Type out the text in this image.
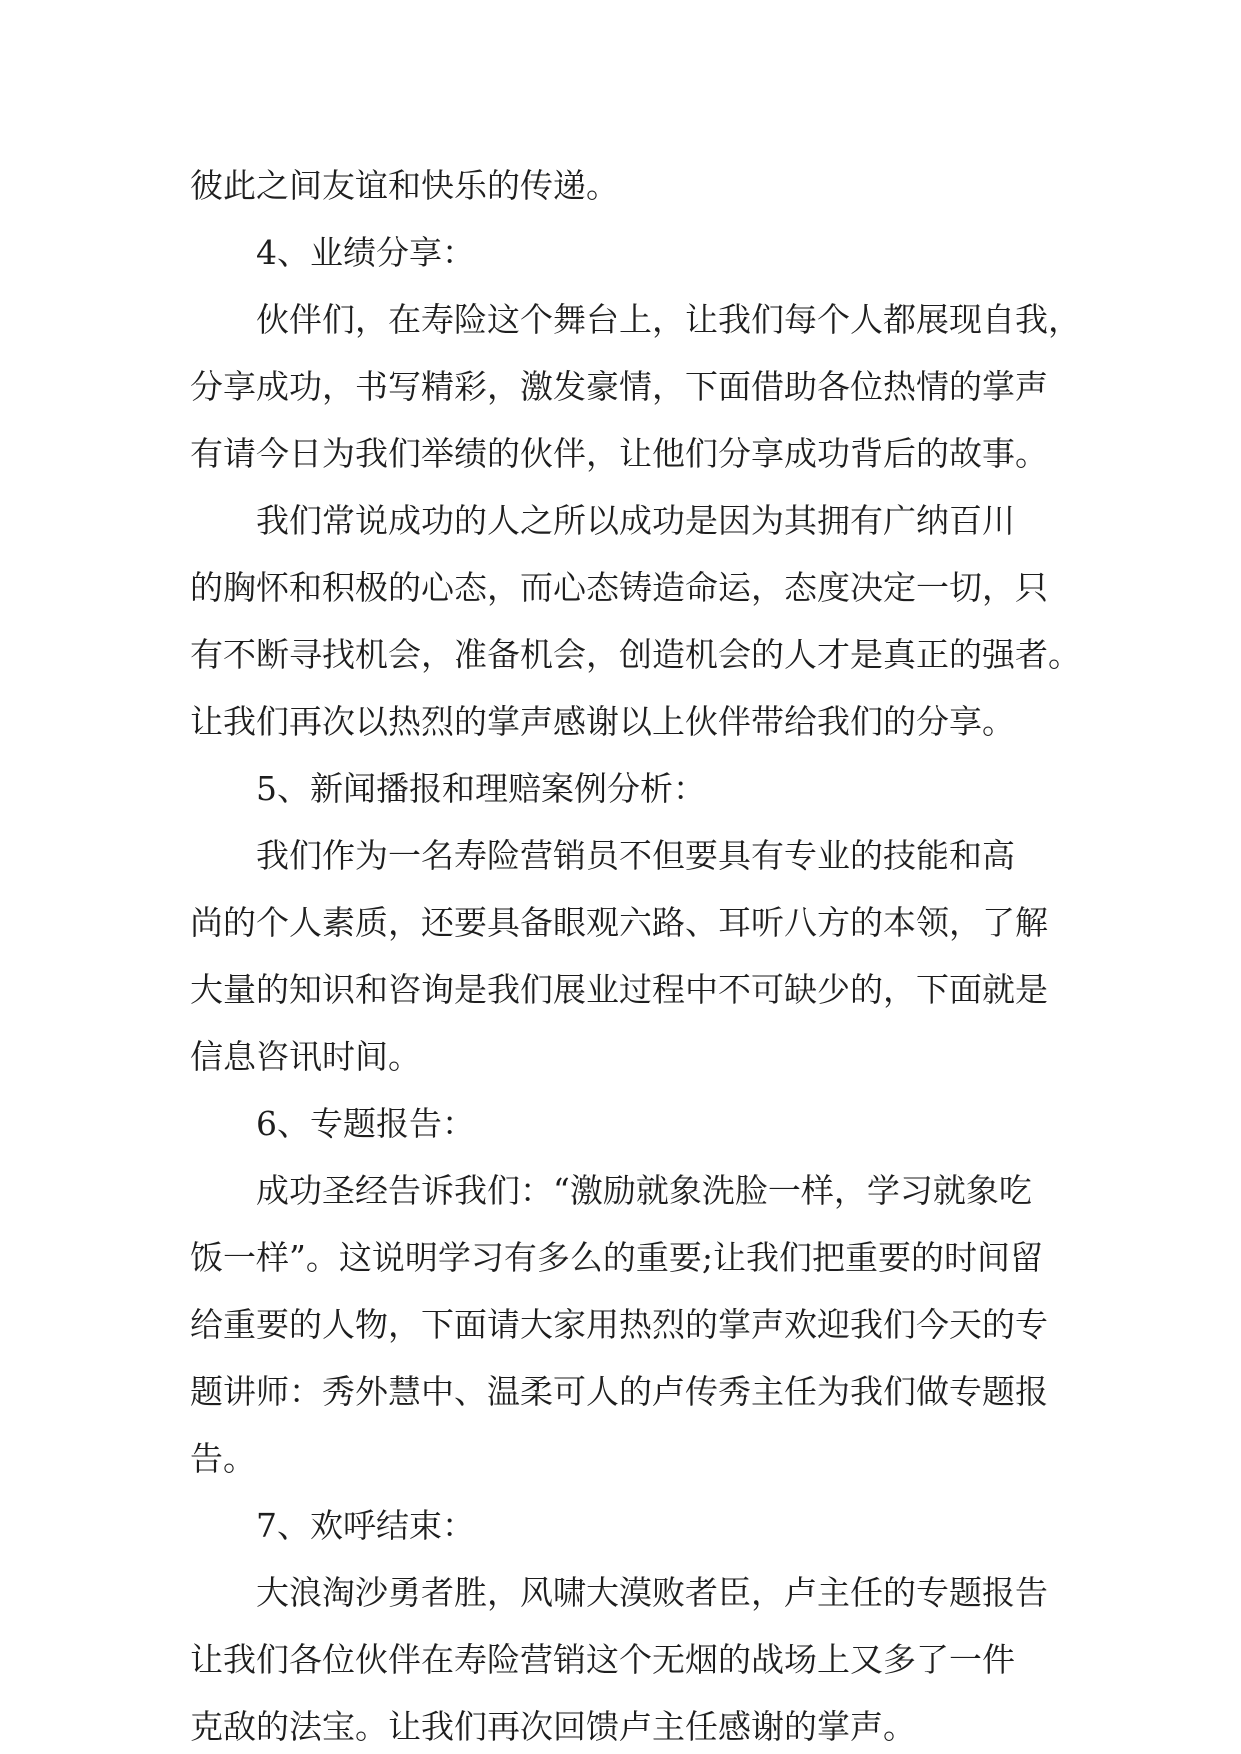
彼此之间友谊和快乐的传递。

4、业绩分享：

伙伴们，在寿险这个舞台上，让我们每个人都展现自我，

分享成功，书写精彩，激发豪情，下面借助各位热情的掌声

有请今日为我们举绩的伙伴，让他们分享成功背后的故事。

我们常说成功的人之所以成功是因为其拥有广纳百川

的胸怀和积极的心态，而心态铸造命运，态度决定一切，只

有不断寻找机会，准备机会，创造机会的人才是真正的强者。

让我们再次以热烈的掌声感谢以上伙伴带给我们的分享。

5、新闻播报和理赔案例分析：

我们作为一名寿险营销员不但要具有专业的技能和高

尚的个人素质，还要具备眼观六路、耳听八方的本领，了解

大量的知识和咨询是我们展业过程中不可缺少的，下面就是

信息咨讯时间。

6、专题报告：

成功圣经告诉我们：“激励就象洗脸一样，学习就象吃

饭一样”。这说明学习有多么的重要;让我们把重要的时间留

给重要的人物，下面请大家用热烈的掌声欢迎我们今天的专

题讲师：秀外慧中、温柔可人的卢传秀主任为我们做专题报

告。

7、欢呼结束：

大浪淘沙勇者胜，风啸大漠败者臣，卢主任的专题报告

让我们各位伙伴在寿险营销这个无烟的战场上又多了一件

克敌的法宝。让我们再次回馈卢主任感谢的掌声。
